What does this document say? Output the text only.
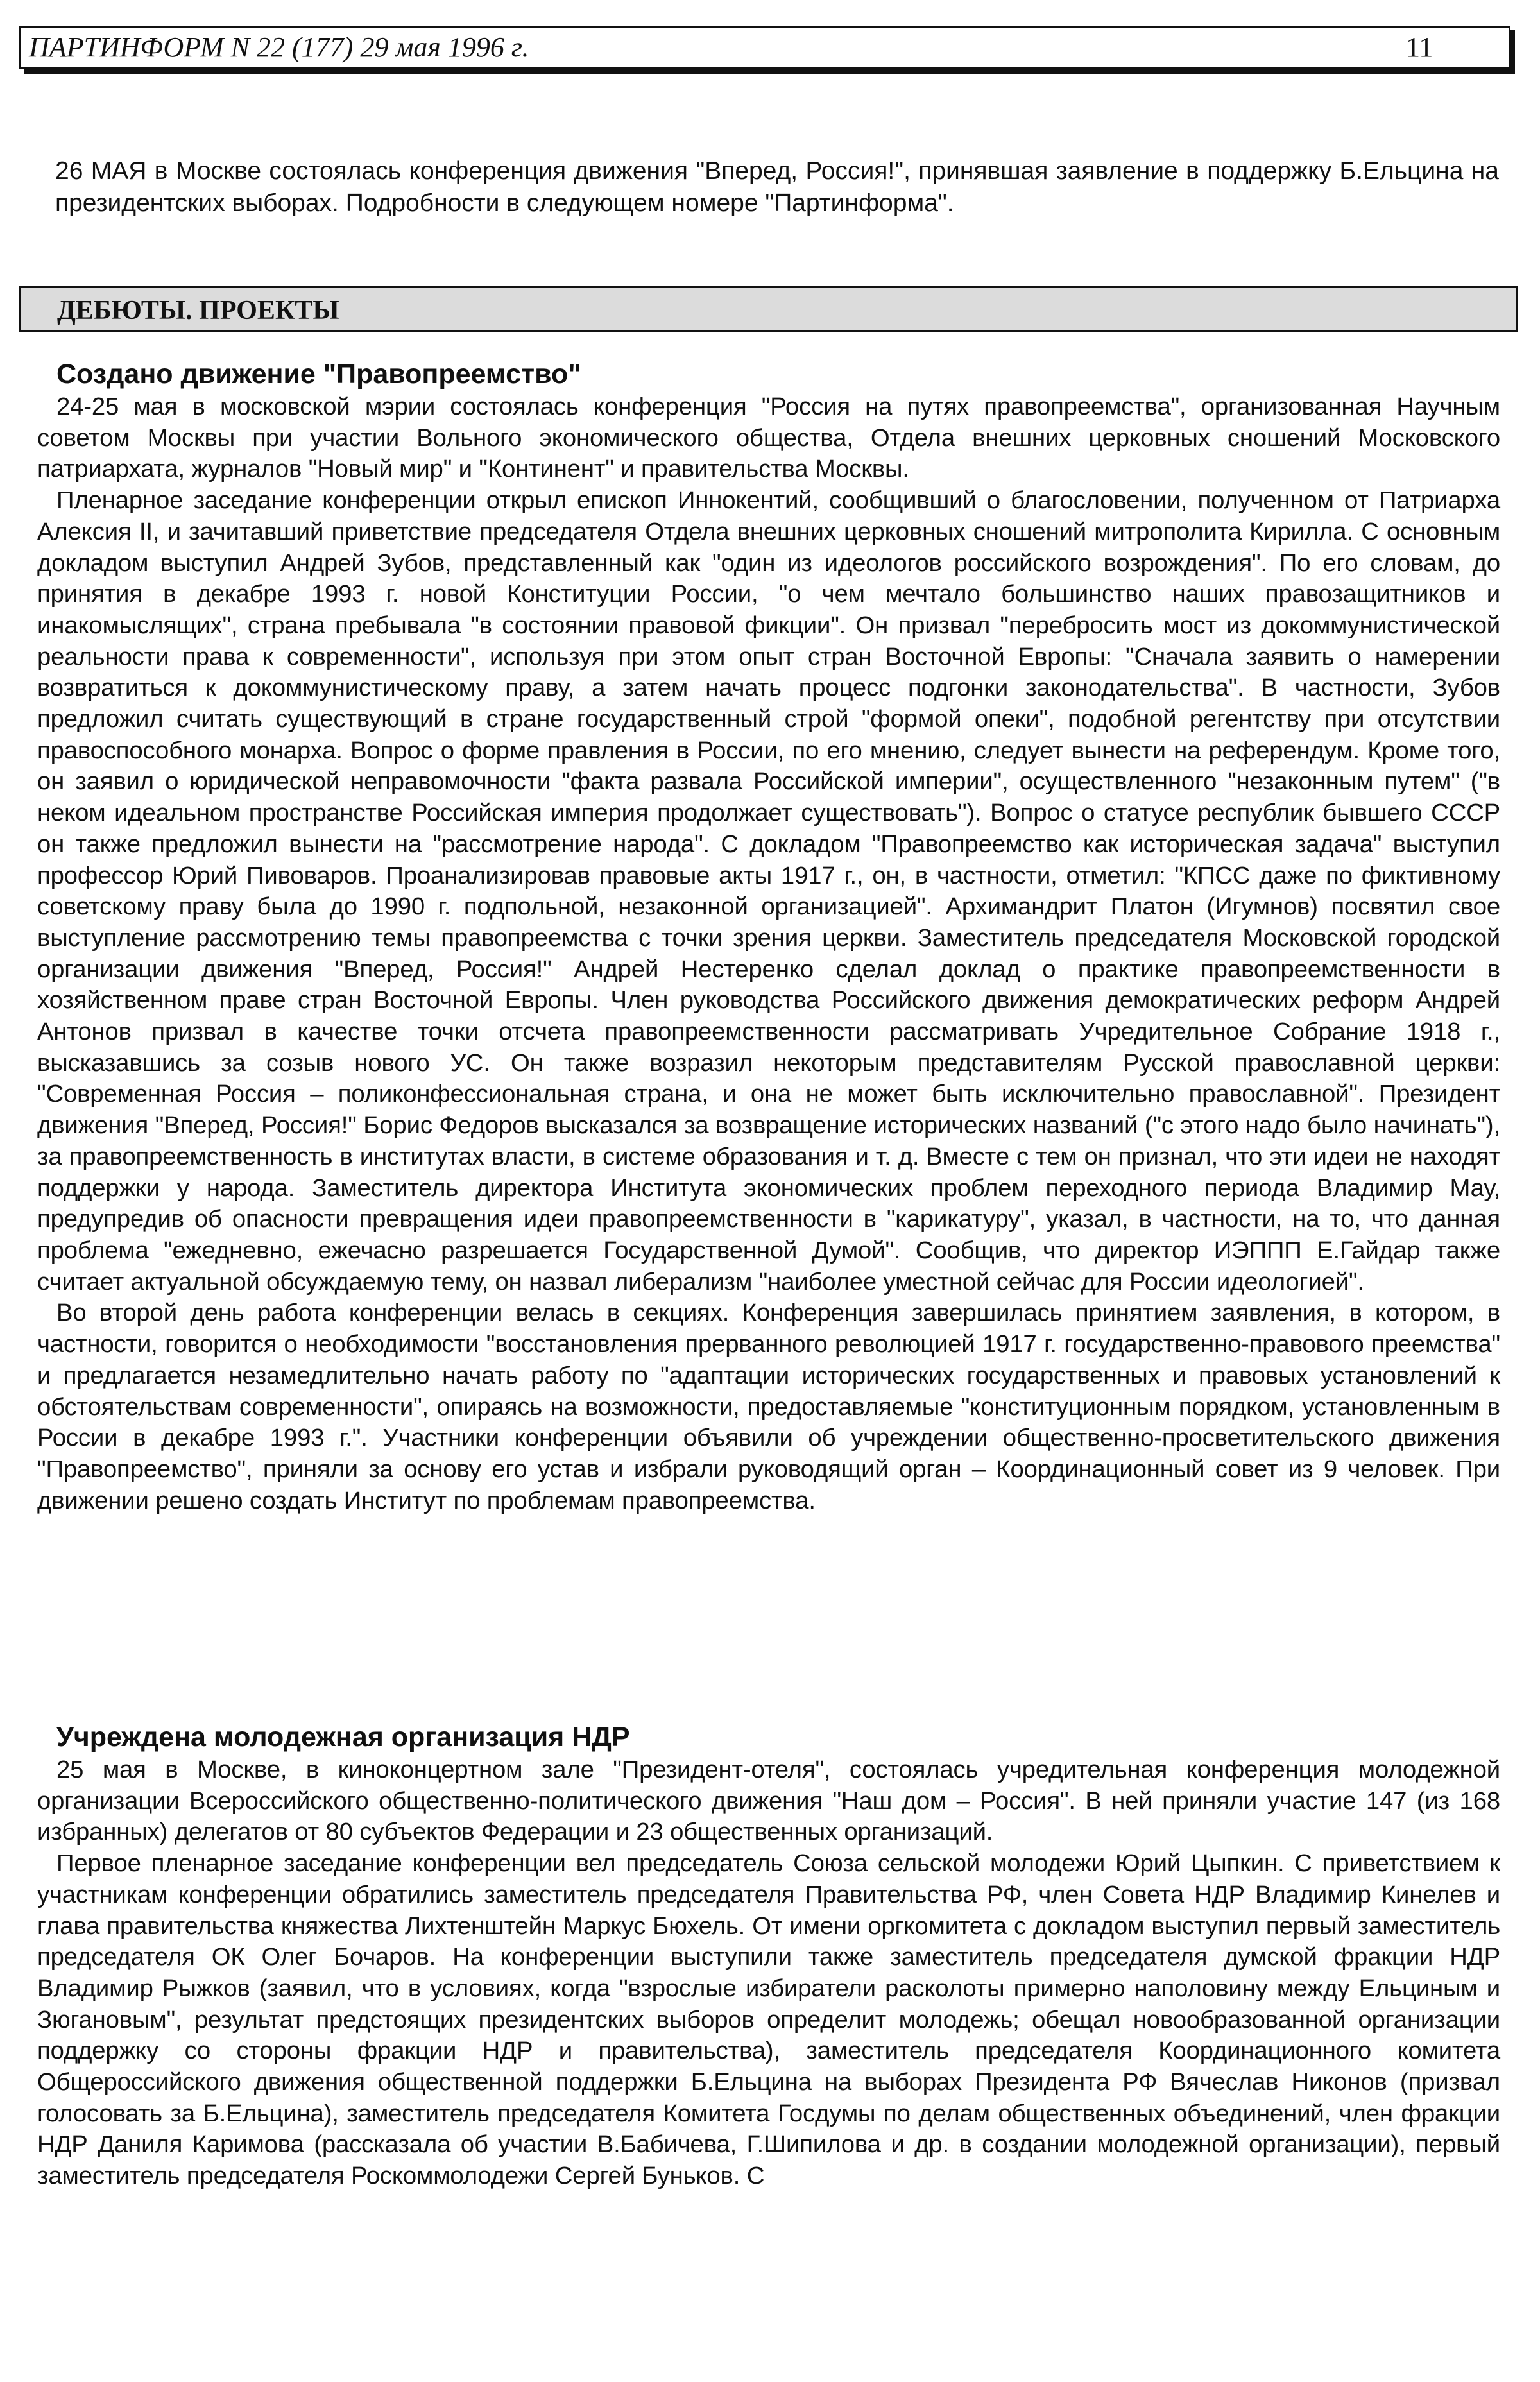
ПАРТИНФОРМ N 22 (177) 29 мая 1996 г.	11

26 МАЯ в Москве состоялась конференция движения "Вперед, Россия!", принявшая заявление в поддержку Б.Ельцина на президентских выборах. Подробности в следующем номере "Партинформа".

ДЕБЮТЫ. ПРОЕКТЫ
Создано движение "Правопреемство"

24-25 мая в московской мэрии состоялась конференция "Россия на путях правопреемства", организованная Научным советом Москвы при участии Вольного экономического общества, Отдела внешних церковных сношений Московского патриархата, журналов "Новый мир" и "Континент" и правительства Москвы.

Пленарное заседание конференции открыл епископ Иннокентий, сообщивший о благословении, полученном от Патриарха Алексия II, и зачитавший приветствие председателя Отдела внешних церковных сношений митрополита Кирилла. С основным докладом выступил Андрей Зубов, представленный как "один из идеологов российского возрождения". По его словам, до принятия в декабре 1993 г. новой Конституции России, "о чем мечтало большинство наших правозащитников и инакомыслящих", страна пребывала "в состоянии правовой фикции". Он призвал "перебросить мост из докоммунистической реальности права к современности", используя при этом опыт стран Восточной Европы: "Сначала заявить о намерении возвратиться к докоммунистическому праву, а затем начать процесс подгонки законодательства". В частности, Зубов предложил считать существующий в стране государственный строй "формой опеки", подобной регентству при отсутствии правоспособного монарха. Вопрос о форме правления в России, по его мнению, следует вынести на референдум. Кроме того, он заявил о юридической неправомочности "факта развала Российской империи", осуществленного "незаконным путем" ("в неком идеальном пространстве Российская империя продолжает существовать"). Вопрос о статусе республик бывшего СССР он также предложил вынести на "рассмотрение народа". С докладом "Правопреемство как историческая задача" выступил профессор Юрий Пивоваров. Проанализировав правовые акты 1917 г., он, в частности, отметил: "КПСС даже по фиктивному советскому праву была до 1990 г. подпольной, незаконной организацией". Архимандрит Платон (Игумнов) посвятил свое выступление рассмотрению темы правопреемства с точки зрения церкви. Заместитель председателя Московской городской организации движения "Вперед, Россия!" Андрей Нестеренко сделал доклад о практике правопреемственности в хозяйственном праве стран Восточной Европы. Член руководства Российского движения демократических реформ Андрей Антонов призвал в качестве точки отсчета правопреемственности рассматривать Учредительное Собрание 1918 г., высказавшись за созыв нового УС. Он также возразил некоторым представителям Русской православной церкви: "Современная Россия – поликонфессиональная страна, и она не может быть исключительно православной". Президент движения "Вперед, Россия!" Борис Федоров высказался за возвращение исторических названий ("с этого надо было начинать"), за правопреемственность в институтах власти, в системе образования и т. д. Вместе с тем он признал, что эти идеи не находят поддержки у народа. Заместитель директора Института экономических проблем переходного периода Владимир Мау, предупредив об опасности превращения идеи правопреемственности в "карикатуру", указал, в частности, на то, что данная проблема "ежедневно, ежечасно разрешается Государственной Думой". Сообщив, что директор ИЭППП Е.Гайдар также считает актуальной обсуждаемую тему, он назвал либерализм "наиболее уместной сейчас для России идеологией".

Во второй день работа конференции велась в секциях. Конференция завершилась принятием заявления, в котором, в частности, говорится о необходимости "восстановления прерванного революцией 1917 г. государственно-правового преемства" и предлагается незамедлительно начать работу по "адаптации исторических государственных и правовых установлений к обстоятельствам современности", опираясь на возможности, предоставляемые "конституционным порядком, установленным в России в декабре 1993 г.". Участники конференции объявили об учреждении общественно-просветительского движения "Правопреемство", приняли за основу его устав и избрали руководящий орган – Координационный совет из 9 человек. При движении решено создать Институт по проблемам правопреемства.

Учреждена молодежная организация НДР

25 мая в Москве, в киноконцертном зале "Президент-отеля", состоялась учредительная конференция молодежной организации Всероссийского общественно-политического движения "Наш дом – Россия". В ней приняли участие 147 (из 168 избранных) делегатов от 80 субъектов Федерации и 23 общественных организаций.

Первое пленарное заседание конференции вел председатель Союза сельской молодежи Юрий Цыпкин. С приветствием к участникам конференции обратились заместитель председателя Правительства РФ, член Совета НДР Владимир Кинелев и глава правительства княжества Лихтенштейн Маркус Бюхель. От имени оргкомитета с докладом выступил первый заместитель председателя ОК Олег Бочаров. На конференции выступили также заместитель председателя думской фракции НДР Владимир Рыжков (заявил, что в условиях, когда "взрослые избиратели расколоты примерно наполовину между Ельциным и Зюгановым", результат предстоящих президентских выборов определит молодежь; обещал новообразованной организации поддержку со стороны фракции НДР и правительства), заместитель председателя Координационного комитета Общероссийского движения общественной поддержки Б.Ельцина на выборах Президента РФ Вячеслав Никонов (призвал голосовать за Б.Ельцина), заместитель председателя Комитета Госдумы по делам общественных объединений, член фракции НДР Даниля Каримова (рассказала об участии В.Бабичева, Г.Шипилова и др. в создании молодежной организации), первый заместитель председателя Роскоммолодежи Сергей Буньков. С
